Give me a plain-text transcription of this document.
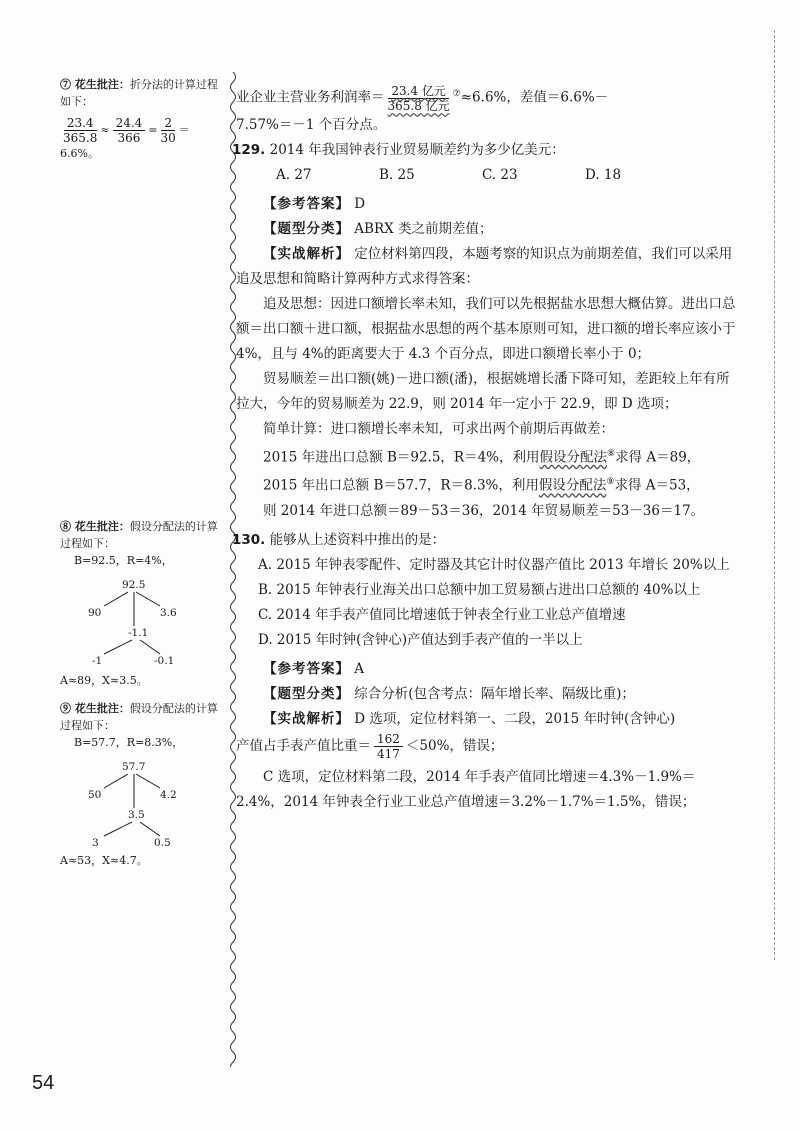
⑦ 花生批注：折分法的计算过程如下：

$\frac{23.4}{365.8} \approx \frac{24.4}{366} = \frac{2}{30}$ ＝

6.6%。

⑧ 花生批注：假设分配法的计算过程如下：

B=92.5，R=4%，

92.5
90	3.6
-1.1
-1	-0.1
A≈89，X≈3.5。

⑨ 花生批注：假设分配法的计算过程如下：

B=57.7，R=8.3%，

57.7
50	4.2
3.5
3	0.5
A≈53，X≈4.7。

业企业主营业务利润率＝ $\frac{\text{23.4 亿元}}{\text{365.8 亿元}} ^⑦\approx 6.6\%$，差值＝6.6%－

7.57%＝－1 个百分点。

129. 2014 年我国钟表行业贸易顺差约为多少亿美元：

A. 27	B. 25	C. 23	D. 18

【参考答案】 D

【题型分类】 ABRX 类之前期差值；

【实战解析】 定位材料第四段，本题考察的知识点为前期差值，我们可以采用追及思想和简略计算两种方式求得答案：

追及思想：因进口额增长率未知，我们可以先根据盐水思想大概估算。进出口总额＝出口额＋进口额，根据盐水思想的两个基本原则可知，进口额的增长率应该小于 4%，且与 4%的距离要大于 4.3 个百分点，即进口额增长率小于 0；

贸易顺差＝出口额(姚)－进口额(潘)，根据姚增长潘下降可知，差距较上年有所拉大，今年的贸易顺差为 22.9，则 2014 年一定小于 22.9，即 D 选项；

简单计算：进口额增长率未知，可求出两个前期后再做差：

2015 年进出口总额 B＝92.5，R＝4%，利用假设分配法⑧求得 A＝89，

2015 年出口总额 B＝57.7，R＝8.3%，利用假设分配法⑨求得 A＝53，

则 2014 年进口总额＝89－53＝36，2014 年贸易顺差＝53－36＝17。

130. 能够从上述资料中推出的是：

A. 2015 年钟表零配件、定时器及其它计时仪器产值比 2013 年增长 20%以上

B. 2015 年钟表行业海关出口总额中加工贸易额占进出口总额的 40%以上

C. 2014 年手表产值同比增速低于钟表全行业工业总产值增速

D. 2015 年时钟(含钟心)产值达到手表产值的一半以上

【参考答案】 A

【题型分类】 综合分析(包含考点：隔年增长率、隔级比重)；

【实战解析】 D 选项，定位材料第一、二段，2015 年时钟(含钟心)

产值占手表产值比重＝ $\frac{162}{417} <50\%$，错误；

C 选项，定位材料第二段，2014 年手表产值同比增速＝4.3%－1.9%＝2.4%，2014 年钟表全行业工业总产值增速＝3.2%－1.7%＝1.5%，错误；

54
